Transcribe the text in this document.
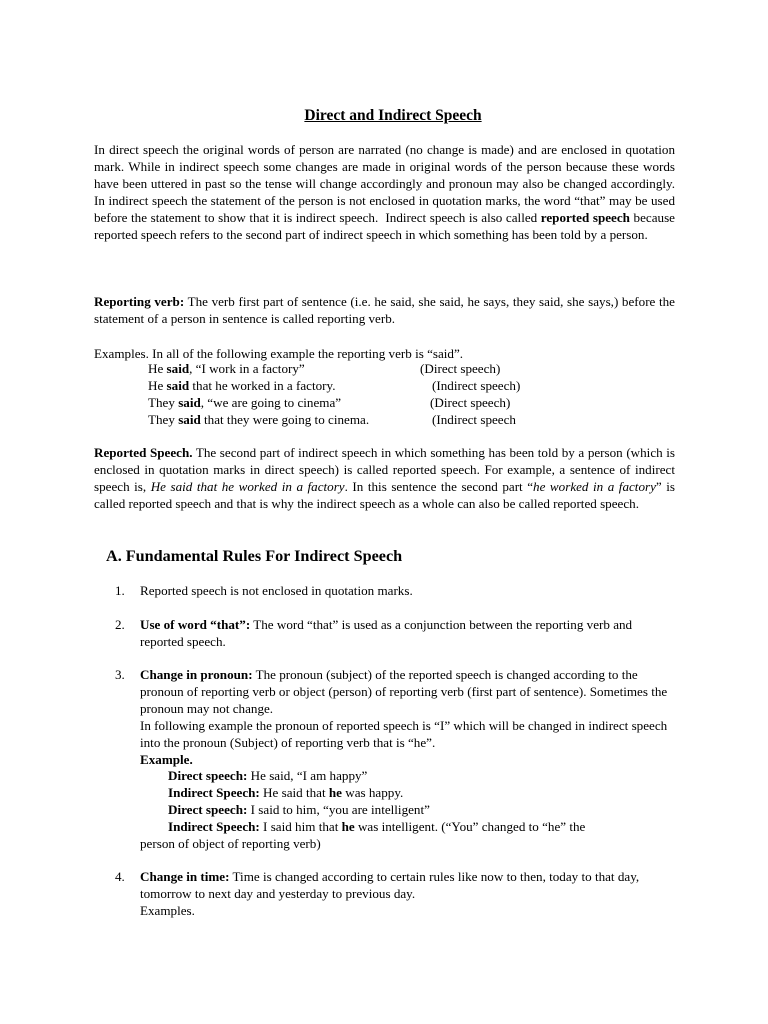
Direct and Indirect Speech

In direct speech the original words of person are narrated (no change is made) and are enclosed in quotation mark. While in indirect speech some changes are made in original words of the person because these words have been uttered in past so the tense will change accordingly and pronoun may also be changed accordingly. In indirect speech the statement of the person is not enclosed in quotation marks, the word “that” may be used before the statement to show that it is indirect speech.  Indirect speech is also called reported speech because reported speech refers to the second part of indirect speech in which something has been told by a person.

Reporting verb: The verb first part of sentence (i.e. he said, she said, he says, they said, she says,) before the statement of a person in sentence is called reporting verb.

Examples. In all of the following example the reporting verb is “said”.

He said, “I work in a factory”	(Direct speech)
He said that he worked in a factory.	(Indirect speech)
They said, “we are going to cinema”	(Direct speech)
They said that they were going to cinema.	(Indirect speech

Reported Speech. The second part of indirect speech in which something has been told by a person (which is enclosed in quotation marks in direct speech) is called reported speech. For example, a sentence of indirect speech is, He said that he worked in a factory. In this sentence the second part “he worked in a factory” is called reported speech and that is why the indirect speech as a whole can also be called reported speech.

A. Fundamental Rules For Indirect Speech
1. Reported speech is not enclosed in quotation marks.
2. Use of word “that”: The word “that” is used as a conjunction between the reporting verb and reported speech.
3. Change in pronoun: The pronoun (subject) of the reported speech is changed according to the pronoun of reporting verb or object (person) of reporting verb (first part of sentence). Sometimes the pronoun may not change.
In following example the pronoun of reported speech is “I” which will be changed in indirect speech into the pronoun (Subject) of reporting verb that is “he”.
Example.
Direct speech: He said, “I am happy”
Indirect Speech: He said that he was happy.
Direct speech: I said to him, “you are intelligent”
Indirect Speech: I said him that he was intelligent. (“You” changed to “he” the
person of object of reporting verb)
4. Change in time: Time is changed according to certain rules like now to then, today to that day, tomorrow to next day and yesterday to previous day.
Examples.
